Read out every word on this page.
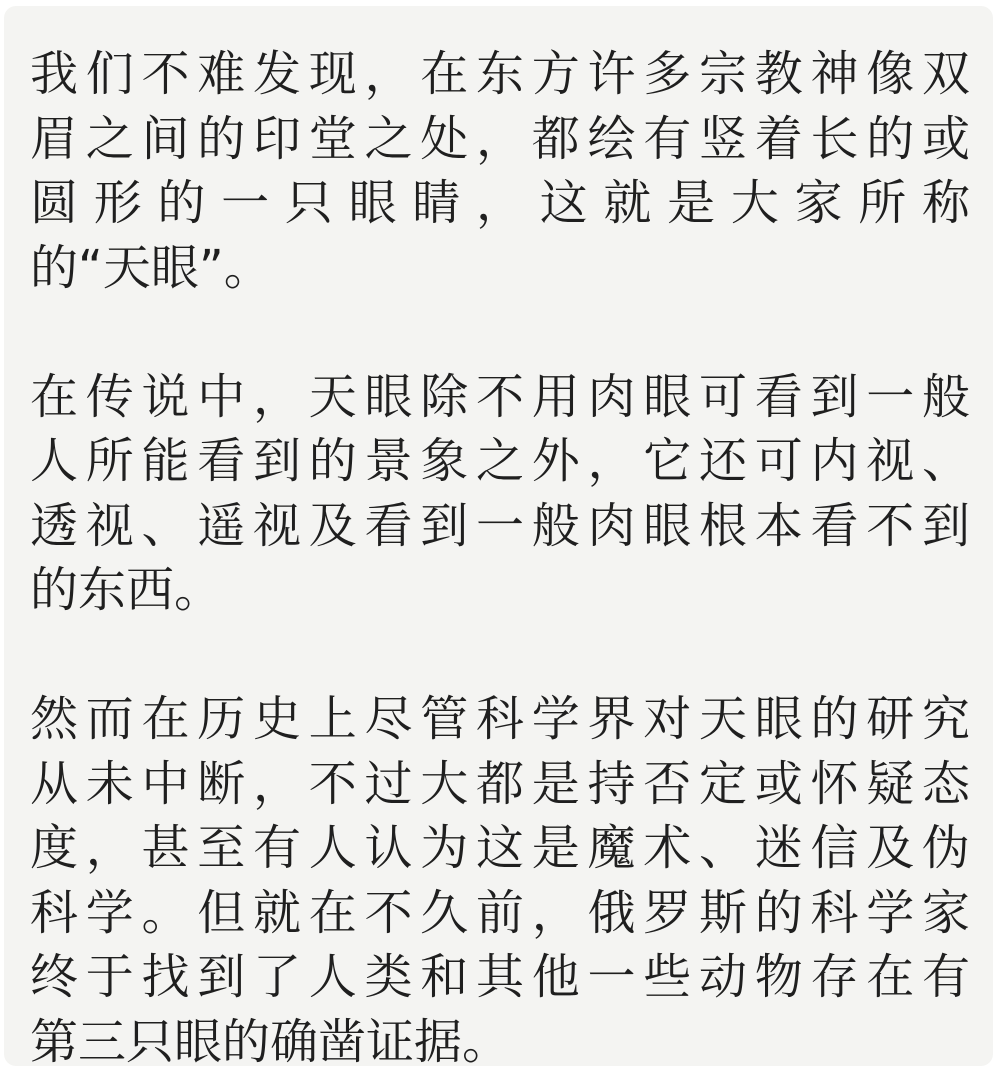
我们不难发现，在东方许多宗教神像双
眉之间的印堂之处，都绘有竖着长的或
圆形的一只眼睛，这就是大家所称
的“天眼”。
在传说中，天眼除不用肉眼可看到一般
人所能看到的景象之外，它还可内视、
透视、遥视及看到一般肉眼根本看不到
的东西。
然而在历史上尽管科学界对天眼的研究
从未中断，不过大都是持否定或怀疑态
度，甚至有人认为这是魔术、迷信及伪
科学。但就在不久前，俄罗斯的科学家
终于找到了人类和其他一些动物存在有
第三只眼的确凿证据。
